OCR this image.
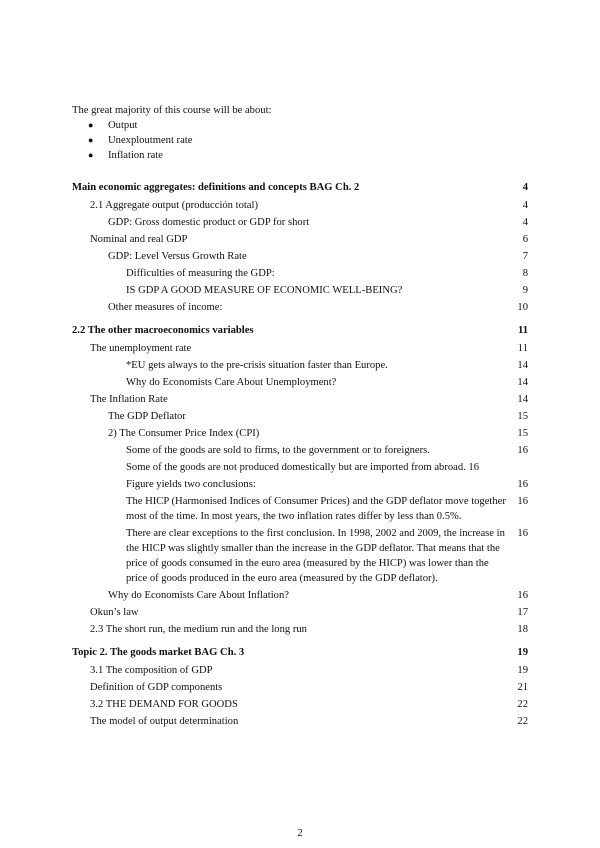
The great majority of this course will be about:
●	Output
●	Unexploutment rate
●	Inflation rate
Main economic aggregates: definitions and concepts BAG Ch. 2	4
2.1 Aggregate output (producción total)	4
GDP: Gross domestic product or GDP for short	4
Nominal and real GDP	6
GDP: Level Versus Growth Rate	7
Difficulties of measuring the GDP:	8
IS GDP A GOOD MEASURE OF ECONOMIC WELL-BEING?	9
Other measures of income:	10
2.2 The other macroeconomics variables	11
The unemployment rate	11
*EU gets always to the pre-crisis situation faster than Europe.	14
Why do Economists Care About Unemployment?	14
The Inflation Rate	14
The GDP Deflator	15
2) The Consumer Price Index (CPI)	15
Some of the goods are sold to firms, to the government or to foreigners.	16
Some of the goods are not produced domestically but are imported from abroad. 16
Figure yields two conclusions:	16
The HICP (Harmonised Indices of Consumer Prices) and the GDP deflator move together most of the time. In most years, the two inflation rates differ by less than 0.5%.
16
There are clear exceptions to the first conclusion. In 1998, 2002 and 2009, the increase in the HICP was slightly smaller than the increase in the GDP deflator. That means that the price of goods consumed in the euro area (measured by the HICP) was lower than the price of goods produced in the euro area (measured by the GDP deflator).
16
Why do Economists Care About Inflation?	16
Okun’s law	17
2.3 The short run, the medium run and the long run	18
Topic 2. The goods market BAG Ch. 3	19
3.1 The composition of GDP	19
Definition of GDP components	21
3.2 THE DEMAND FOR GOODS	22
The model of output determination	22
2
